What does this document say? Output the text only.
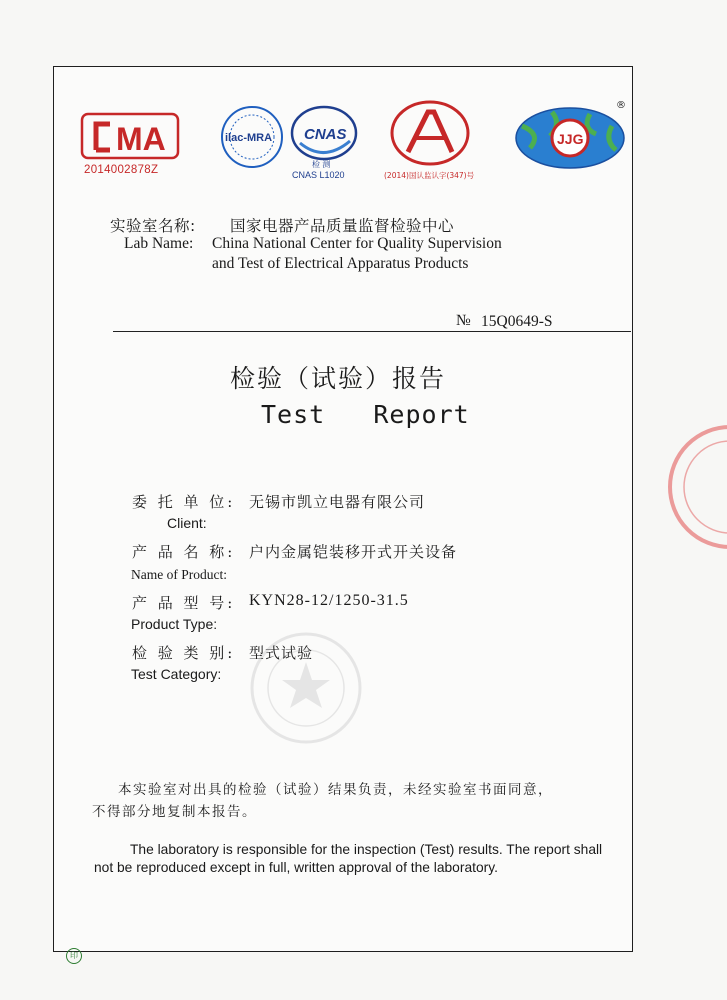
MA
2014002878Z
ilac-MRA CNAS
检 测
CNAS L1020	(2014)国认监认字(347)号
JJG
®
实验室名称: 国家电器产品质量监督检验中心
Lab Name: China National Center for Quality Supervision
and Test of Electrical Apparatus Products
№ 15Q0649-S
检验（试验）报告
Test   Report
委 托 单 位: 无锡市凯立电器有限公司
Client:
产 品 名 称: 户内金属铠装移开式开关设备
Name of Product:
产 品 型 号: KYN28-12/1250-31.5
Product Type:
检 验 类 别: 型式试验
Test Category:
本实验室对出具的检验（试验）结果负责，未经实验室书面同意，
不得部分地复制本报告。
The laboratory is responsible for the inspection (Test) results. The report shall
not be reproduced except in full, written approval of the laboratory.
印
